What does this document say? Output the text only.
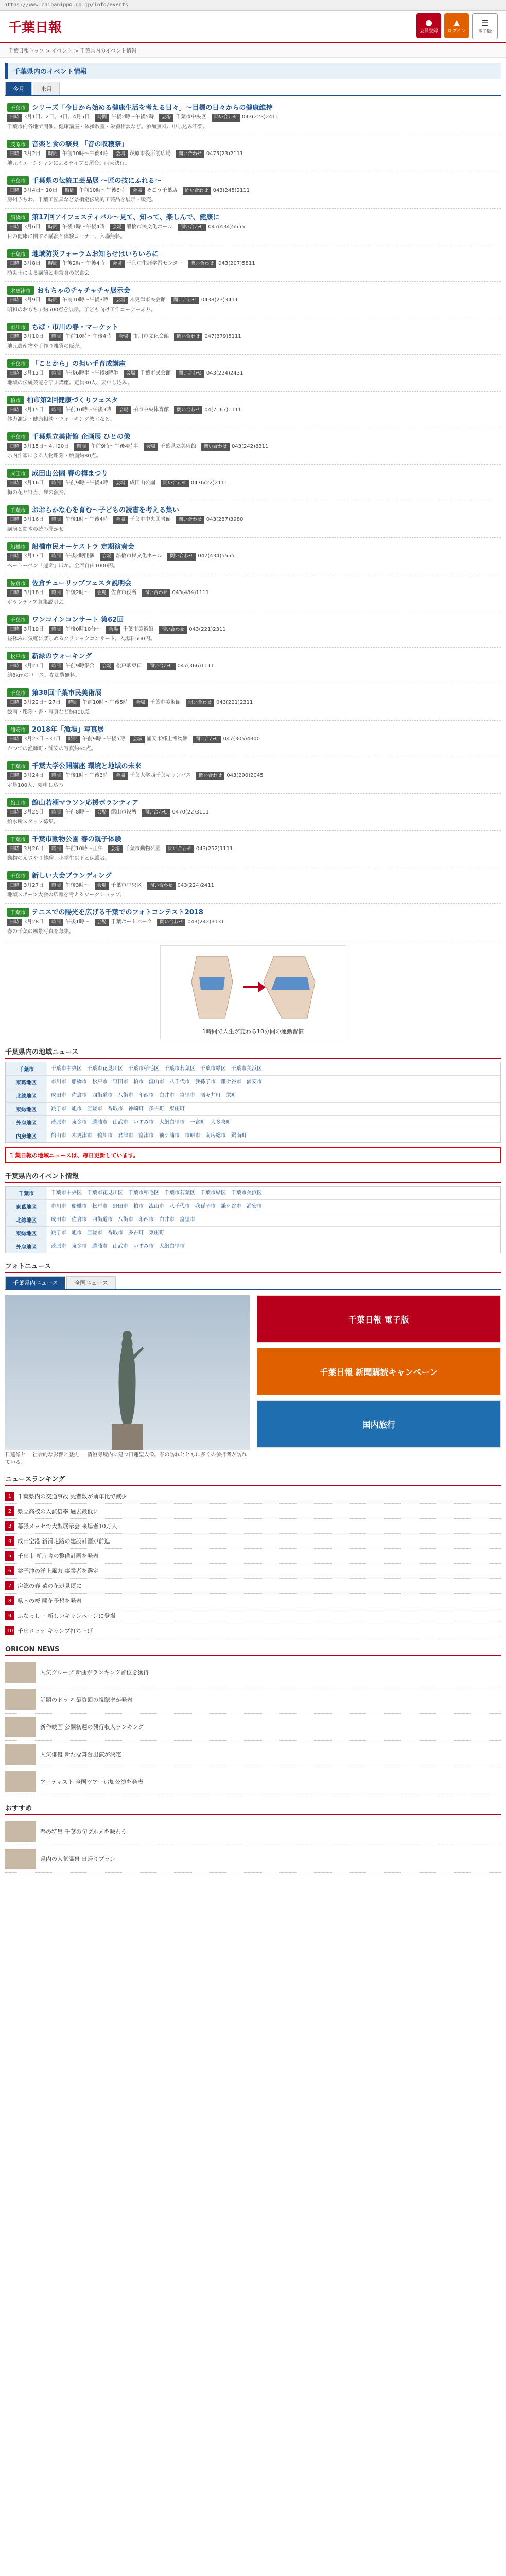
https://www.chibanippo.co.jp/info/events
千葉日報	●
会員登録
▲
ログイン
☰
電子版
千葉日報トップ > イベント > 千葉県内のイベント情報
千葉県内のイベント情報
今月	来月
千葉市 シリーズ「今日から始める健康生活を考える日々」〜目標の日々からの健康維持
日時 3月1日、2日、3日、4月5日　 時間 午後2時〜午後5時　 会場 千葉市中央区　 問い合わせ 043(223)2411　
千葉市内各地で開催。健康講座・体操教室・栄養相談など。参加無料、申し込み不要。
茂原市 音楽と食の祭典 「音の収穫祭」
日時 3月2日　 時間 午前10時〜午後4時　 会場 茂原市役所前広場　 問い合わせ 0475(23)2111　
地元ミュージシャンによるライブと屋台。雨天決行。
千葉市 千葉県の伝統工芸品展 〜匠の技にふれる〜
日時 3月4日〜10日　 時間 午前10時〜午後6時　 会場 そごう千葉店　 問い合わせ 043(245)2111　
房州うちわ、千葉工匠具など県指定伝統的工芸品を展示・販売。
船橋市 第17回アイフェスティバル〜見て、知って、楽しんで、健康に
日時 3月6日　 時間 午後1時〜午後4時　 会場 船橋市民文化ホール　 問い合わせ 047(434)5555　
目の健康に関する講演と体験コーナー。入場無料。
千葉市 地域防災フォーラムお知らせはいろいろに
日時 3月8日　 時間 午後2時〜午後4時　 会場 千葉市生涯学習センター　 問い合わせ 043(207)5811　
防災士による講演と非常食の試食会。
木更津市 おもちゃのチャチャチャ展示会
日時 3月9日　 時間 午前10時〜午後3時　 会場 木更津市民会館　 問い合わせ 0438(23)3411　
昭和のおもちゃ約500点を展示。子ども向け工作コーナーあり。
市川市 ちば・市川の春・マーケット
日時 3月10日　 時間 午前10時〜午後4時　 会場 市川市文化会館　 問い合わせ 047(379)5111　
地元農産物や手作り雑貨の販売。
千葉市 「ことから」の担い手育成講座
日時 3月12日　 時間 午後6時半〜午後8時半　 会場 千葉市民会館　 問い合わせ 043(224)2431　
地域の伝統芸能を学ぶ講座。定員30人、要申し込み。
柏市 柏市第2回健康づくりフェスタ
日時 3月15日　 時間 午前10時〜午後3時　 会場 柏市中央体育館　 問い合わせ 04(7167)1111　
体力測定・健康相談・ウォーキング教室など。
千葉市 千葉県立美術館 企画展 ひとの像
日時 3月15日〜4月20日　 時間 午前9時〜午後4時半　 会場 千葉県立美術館　 問い合わせ 043(242)8311　
県内作家による人物彫刻・絵画約80点。
成田市 成田山公園 春の梅まつり
日時 3月16日　 時間 午前9時〜午後4時　 会場 成田山公園　 問い合わせ 0476(22)2111　
梅の花と野点、琴の演奏。
千葉市 おおらかな心を育む〜子どもの読書を考える集い
日時 3月16日　 時間 午後1時〜午後4時　 会場 千葉市中央図書館　 問い合わせ 043(287)3980　
講演と絵本の読み聞かせ。
船橋市 船橋市民オーケストラ 定期演奏会
日時 3月17日　 時間 午後2時開演　 会場 船橋市民文化ホール　 問い合わせ 047(434)5555　
ベートーベン「運命」ほか。全席自由1000円。
佐倉市 佐倉チューリップフェスタ説明会
日時 3月18日　 時間 午後2時〜　 会場 佐倉市役所　 問い合わせ 043(484)1111　
ボランティア募集説明会。
千葉市 ワンコインコンサート 第62回
日時 3月19日　 時間 午後0時10分〜　 会場 千葉市美術館　 問い合わせ 043(221)2311　
昼休みに気軽に楽しめるクラシックコンサート。入場料500円。
松戸市 新緑のウォーキング
日時 3月21日　 時間 午前9時集合　 会場 松戸駅東口　 問い合わせ 047(366)1111　
約8kmのコース。参加費無料。
千葉市 第38回千葉市民美術展
日時 3月22日〜27日　 時間 午前10時〜午後5時　 会場 千葉市美術館　 問い合わせ 043(221)2311　
絵画・彫刻・書・写真など約400点。
浦安市 2018年「漁場」写真展
日時 3月23日〜31日　 時間 午前9時〜午後5時　 会場 浦安市郷土博物館　 問い合わせ 047(305)4300　
かつての漁師町・浦安の写真約60点。
千葉市 千葉大学公開講座 環境と地域の未来
日時 3月24日　 時間 午後1時〜午後3時　 会場 千葉大学西千葉キャンパス　 問い合わせ 043(290)2045　
定員100人、要申し込み。
館山市 館山若潮マラソン応援ボランティア
日時 3月25日　 時間 午前8時〜　 会場 館山市役所　 問い合わせ 0470(22)3111　
給水所スタッフ募集。
千葉市 千葉市動物公園 春の親子体験
日時 3月26日　 時間 午前10時〜正午　 会場 千葉市動物公園　 問い合わせ 043(252)1111　
動物のえさやり体験。小学生以下と保護者。
千葉市 新しい大会ブランディング
日時 3月27日　 時間 午後3時〜　 会場 千葉市中央区　 問い合わせ 043(224)2411　
地域スポーツ大会の広報を考えるワークショップ。
千葉市 テニスでの陽光を広げる千葉でのフォトコンテスト2018
日時 3月28日　 時間 午後1時〜　 会場 千葉ポートパーク　 問い合わせ 043(242)3131　
春の千葉の風景写真を募集。
1時間で人生が変わる10分間の運動習慣
千葉県内の地域ニュース
千葉市	千葉市中央区 千葉市花見川区 千葉市稲毛区 千葉市若葉区 千葉市緑区 千葉市美浜区
東葛地区	市川市 船橋市 松戸市 野田市 柏市 流山市 八千代市 我孫子市 鎌ケ谷市 浦安市
北総地区	成田市 佐倉市 四街道市 八街市 印西市 白井市 富里市 酒々井町 栄町
東総地区	銚子市 旭市 匝瑳市 香取市 神崎町 多古町 東庄町
外房地区	茂原市 東金市 勝浦市 山武市 いすみ市 大網白里市 一宮町 大多喜町
内房地区	館山市 木更津市 鴨川市 君津市 富津市 袖ケ浦市 市原市 南房総市 鋸南町
千葉日報の地域ニュースは、毎日更新しています。
千葉県内のイベント情報
千葉市	千葉市中央区 千葉市花見川区 千葉市稲毛区 千葉市若葉区 千葉市緑区 千葉市美浜区
東葛地区	市川市 船橋市 松戸市 野田市 柏市 流山市 八千代市 我孫子市 鎌ケ谷市 浦安市
北総地区	成田市 佐倉市 四街道市 八街市 印西市 白井市 富里市
東総地区	銚子市 旭市 匝瑳市 香取市 多古町 東庄町
外房地区	茂原市 東金市 勝浦市 山武市 いすみ市 大網白里市
フォトニュース
千葉県内ニュース	全国ニュース
日蓮像と一 社会的な影響と歴史 — 清澄寺境内に建つ日蓮聖人像。春の訪れとともに多くの参拝者が訪れている。
千葉日報 電子版
千葉日報 新聞購読キャンペーン
国内旅行
ニュースランキング
1	千葉県内の交通事故 死者数が前年比で減少
2	県立高校の入試倍率 過去最低に
3	幕張メッセで大型展示会 来場者10万人
4	成田空港 新滑走路の建設計画が前進
5	千葉市 新庁舎の整備計画を発表
6	銚子沖の洋上風力 事業者を選定
7	房総の春 菜の花が見頃に
8	県内の桜 開花予想を発表
9	ふなっしー 新しいキャンペーンに登場
10 千葉ロッテ キャンプ打ち上げ
ORICON NEWS
人気グループ 新曲がランキング首位を獲得
話題のドラマ 最終回の視聴率が発表
新作映画 公開初週の興行収入ランキング
人気俳優 新たな舞台出演が決定
アーティスト 全国ツアー追加公演を発表
おすすめ
春の特集 千葉の旬グルメを味わう
県内の人気温泉 日帰りプラン
